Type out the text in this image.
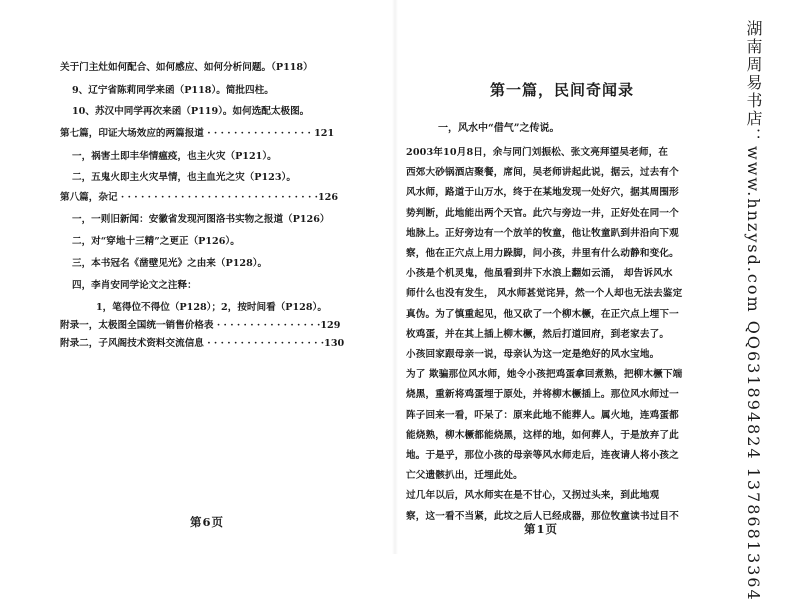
关于门主灶如何配合、如何感应、如何分析问题。（P118）
9、辽宁省陈莉同学来函（P118）。简批四柱。
10、苏汉中同学再次来函（P119）。如何选配太极图。
第七篇，印证大场效应的两篇报道 · · · · · · · · · · · · · · · · 121
一，祸害土即丰华情瘟疫，也主火灾（P121）。
二，五鬼火即主火灾旱情，也主血光之灾（P123）。
第八篇，杂记 · · · · · · · · · · · · · · · · · · · · · · · · · · · · · ·126
一，一则旧新闻：安徽省发现河图洛书实物之报道（P126）
二，对“穿地十三精”之更正（P126）。
三，本书冠名《凿壁见光》之由来（P128）。
四，李肖安同学论文之注释：
1，笔得位不得位（P128）；2，按时间看（P128）。
附录一，太极图全国统一销售价格表 · · · · · · · · · · · · · · · ·129
附录二，子风阁技术资料交流信息 · · · · · · · · · · · · · · · · · ·130
第6页
第一篇，民间奇闻录
一，风水中“借气”之传说。
2003年10月8日，余与同门刘振松、张文亮拜望吴老师，在
西郊大砂锅酒店聚餐，席间，吴老师讲起此说，据云，过去有个
风水师，路道于山万水，终于在某地发现一处好穴，据其周围形
势判断，此地能出两个天官。此穴与旁边一井，正好处在同一个
地脉上。正好旁边有一个放羊的牧童，他让牧童趴到井沿向下观
察，他在正穴点上用力跺脚，问小孩，井里有什么动静和变化。
小孩是个机灵鬼，他虽看到井下水浪上翻如云涌， 却告诉风水
师什么也没有发生， 风水师甚觉诧异，然一个人却也无法去鉴定
真伪。为了慎重起见，他又砍了一个柳木橛，在正穴点上埋下一
枚鸡蛋，并在其上插上柳木橛，然后打道回府，到老家去了。
小孩回家跟母亲一说，母亲认为这一定是绝好的风水宝地。
为了 欺骗那位风水师，她令小孩把鸡蛋拿回煮熟，把柳木橛下端
烧黑，重新将鸡蛋埋于原处，并将柳木橛插上。那位风水师过一
阵子回来一看，吓呆了：原来此地不能葬人。属火地，连鸡蛋都
能烧熟，柳木橛都能烧黑，这样的地，如何葬人，于是放弃了此
地。于是乎，那位小孩的母亲等风水师走后，连夜请人将小孩之
亡父遗骸扒出，迁埋此处。
过几年以后，风水师实在是不甘心，又拐过头来，到此地观
察，这一看不当紧，此坟之后人已经成器，那位牧童读书过目不
第1页	湖南周易书店：www.hnzysd.com QQ631894824 13786813364
